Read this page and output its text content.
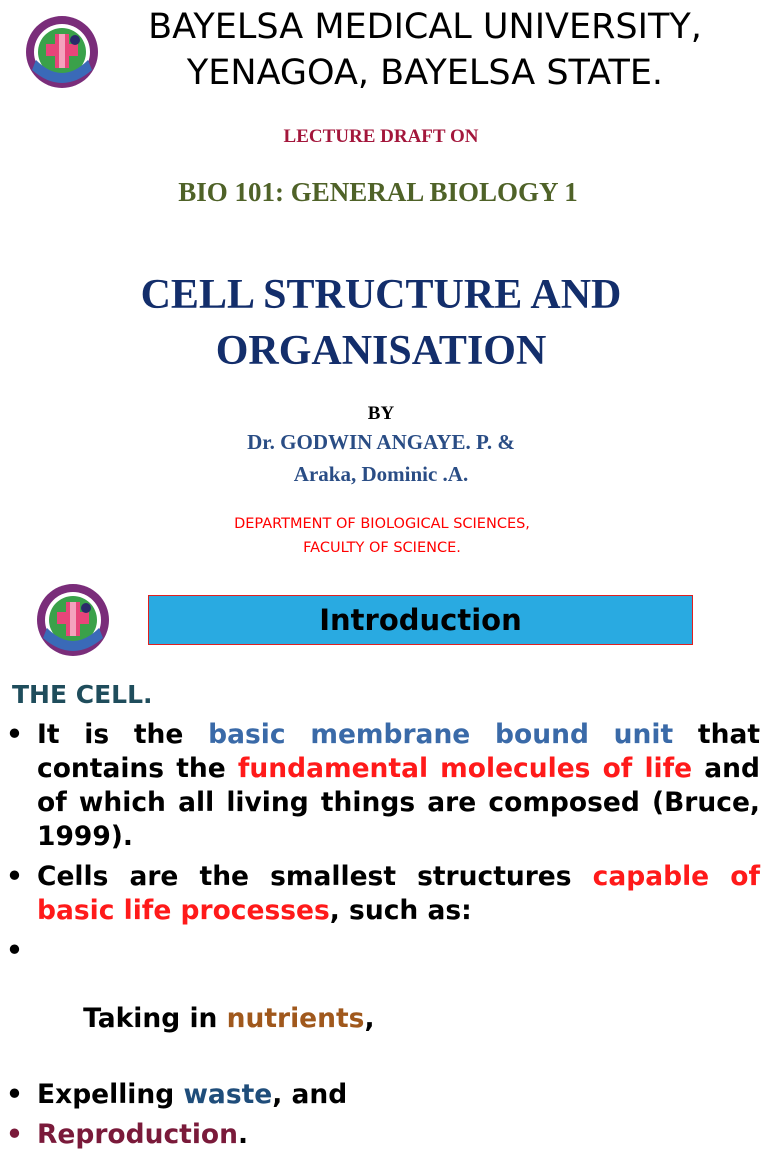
BAYELSA MEDICAL UNIVERSITY,
YENAGOA, BAYELSA STATE.
LECTURE DRAFT ON
BIO 101: GENERAL BIOLOGY 1
CELL STRUCTURE AND
ORGANISATION
BY
Dr. GODWIN ANGAYE. P. &
Araka, Dominic .A.
DEPARTMENT OF BIOLOGICAL SCIENCES,
FACULTY OF SCIENCE.
Introduction
THE CELL.
• It is the basic membrane bound unit that contains the fundamental molecules of life and of which all living things are composed (Bruce, 1999).
• Cells are the smallest structures capable of basic life processes, such as:

•

Taking in nutrients,

• Expelling waste, and
• Reproduction.
